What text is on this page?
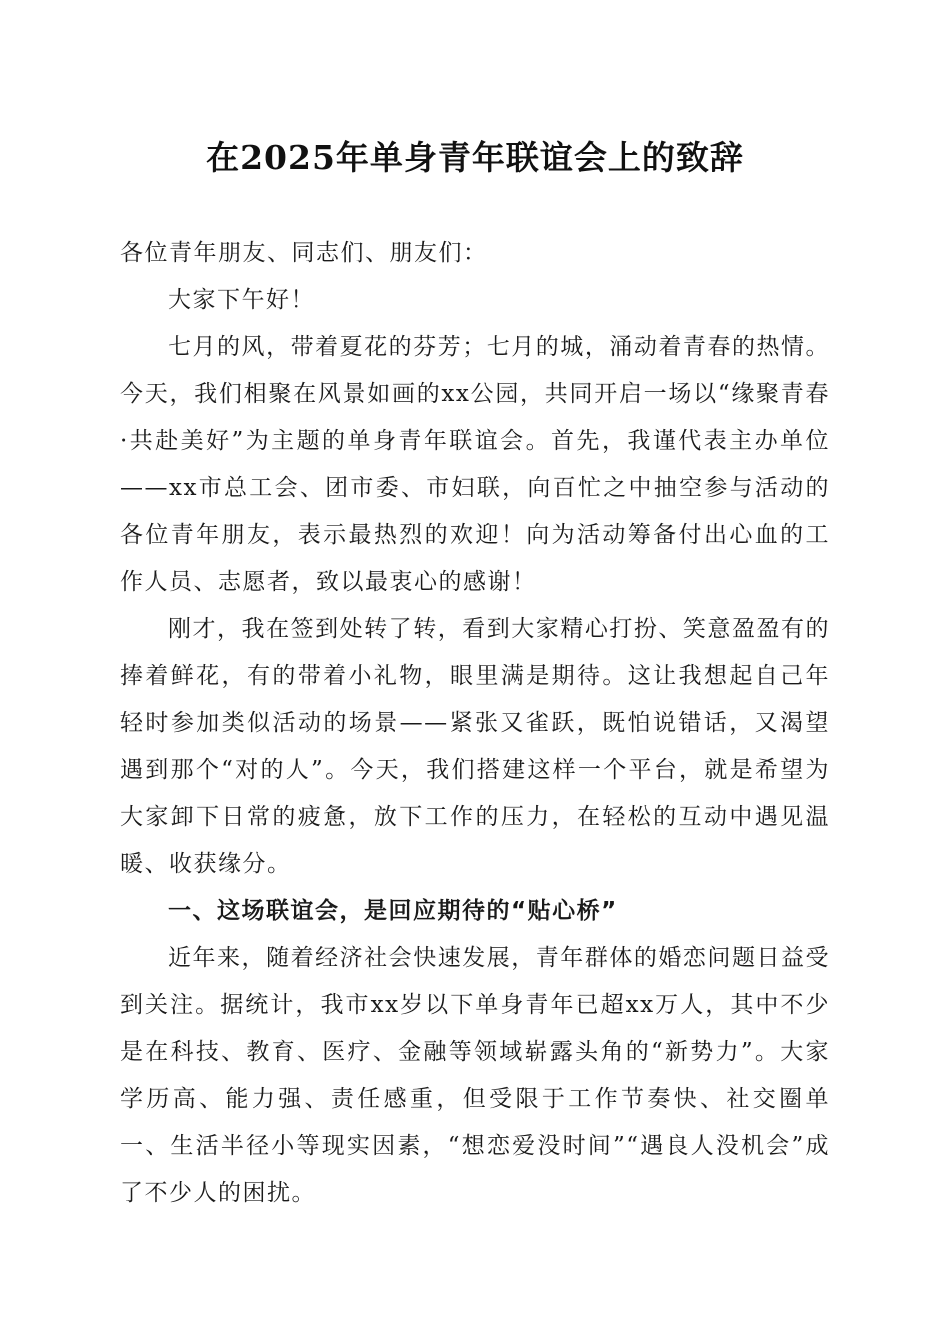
在2025年单身青年联谊会上的致辞

各位青年朋友、同志们、朋友们：

大家下午好！

七月的风，带着夏花的芬芳；七月的城，涌动着青春的热情。今天，我们相聚在风景如画的xx公园，共同开启一场以“缘聚青春·共赴美好”为主题的单身青年联谊会。首先，我谨代表主办单位——xx市总工会、团市委、市妇联，向百忙之中抽空参与活动的各位青年朋友，表示最热烈的欢迎！向为活动筹备付出心血的工作人员、志愿者，致以最衷心的感谢！

刚才，我在签到处转了转，看到大家精心打扮、笑意盈盈有的捧着鲜花，有的带着小礼物，眼里满是期待。这让我想起自己年轻时参加类似活动的场景——紧张又雀跃，既怕说错话，又渴望遇到那个“对的人”。今天，我们搭建这样一个平台，就是希望为大家卸下日常的疲惫，放下工作的压力，在轻松的互动中遇见温暖、收获缘分。

一、这场联谊会，是回应期待的“贴心桥”

近年来，随着经济社会快速发展，青年群体的婚恋问题日益受到关注。据统计，我市xx岁以下单身青年已超xx万人，其中不少是在科技、教育、医疗、金融等领域崭露头角的“新势力”。大家学历高、能力强、责任感重，但受限于工作节奏快、社交圈单一、生活半径小等现实因素，“想恋爱没时间”“遇良人没机会”成了不少人的困扰。
